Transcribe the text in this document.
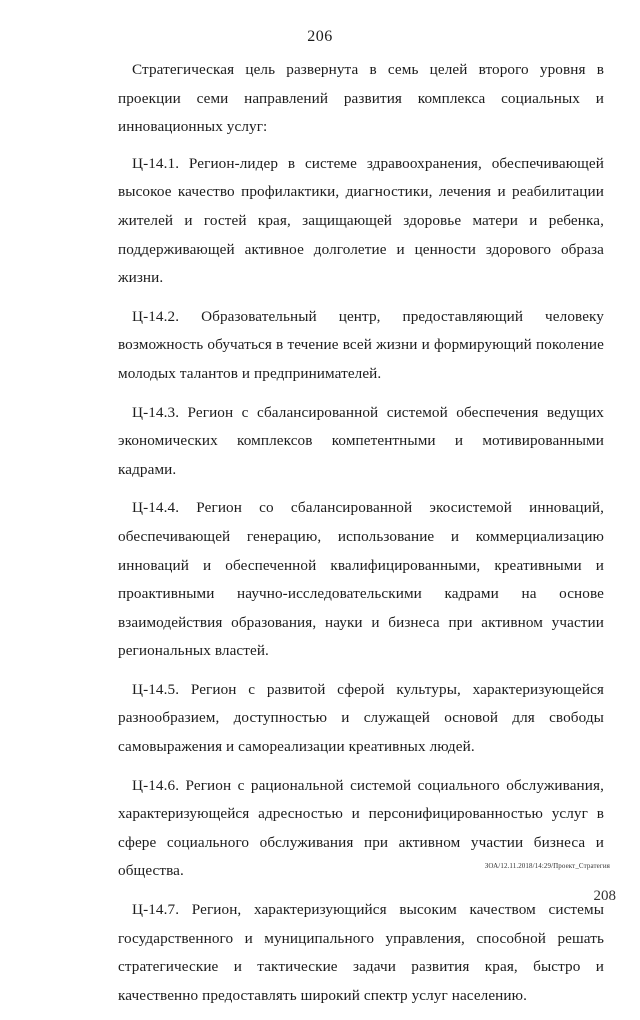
206

Стратегическая цель развернута в семь целей второго уровня в проекции семи направлений развития комплекса социальных и инновационных услуг:

Ц-14.1. Регион-лидер в системе здравоохранения, обеспечивающей высокое качество профилактики, диагностики, лечения и реабилитации жителей и гостей края, защищающей здоровье матери и ребенка, поддерживающей активное долголетие и ценности здорового образа жизни.

Ц-14.2. Образовательный центр, предоставляющий человеку возможность обучаться в течение всей жизни и формирующий поколение молодых талантов и предпринимателей.

Ц-14.3. Регион с сбалансированной системой обеспечения ведущих экономических комплексов компетентными и мотивированными кадрами.

Ц-14.4. Регион со сбалансированной экосистемой инноваций, обеспечивающей генерацию, использование и коммерциализацию инноваций и обеспеченной квалифицированными, креативными и проактивными научно-исследовательскими кадрами на основе взаимодействия образования, науки и бизнеса при активном участии региональных властей.

Ц-14.5. Регион с развитой сферой культуры, характеризующейся разнообразием, доступностью и служащей основой для свободы самовыражения и самореализации креативных людей.

Ц-14.6. Регион с рациональной системой социального обслуживания, характеризующейся адресностью и персонифицированностью услуг в сфере социального обслуживания при активном участии бизнеса и общества.

Ц-14.7. Регион, характеризующийся высоким качеством системы государственного и муниципального управления, способной решать стратегические и тактические задачи развития края, быстро и качественно предоставлять широкий спектр услуг населению.

ЗОА/12.11.2018/14:29/Проект_Стратегия
208
